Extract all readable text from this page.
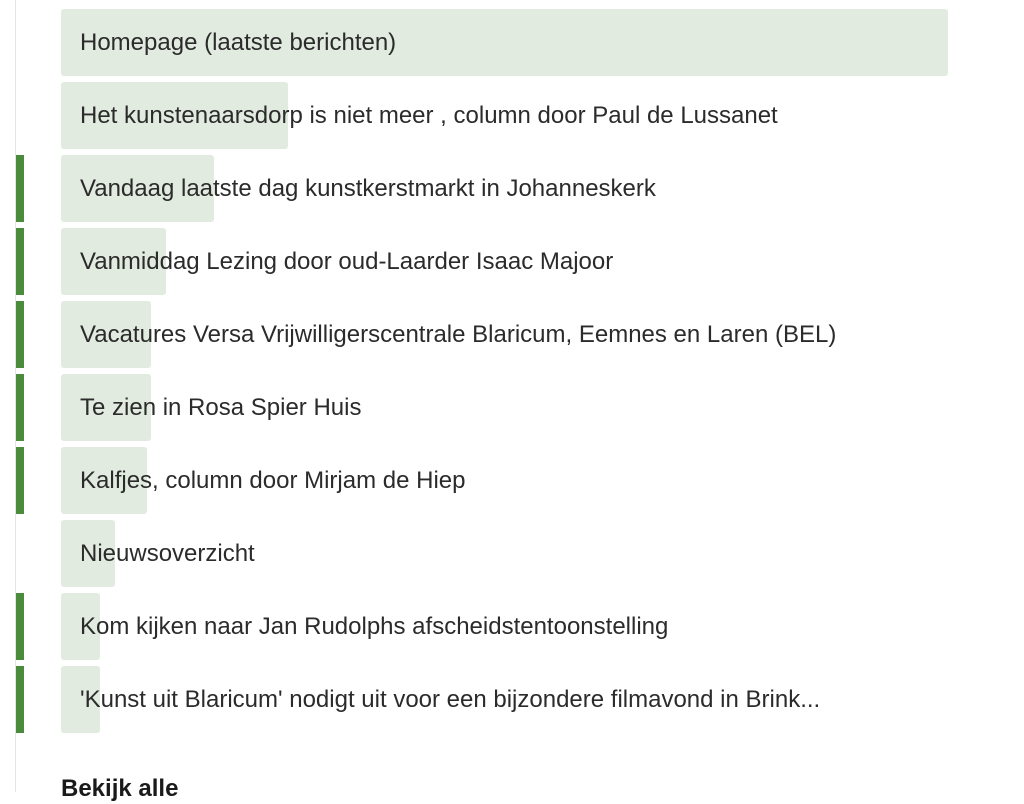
Homepage (laatste berichten)
Het kunstenaarsdorp is niet meer , column door Paul de Lussanet
Vandaag laatste dag kunstkerstmarkt in Johanneskerk
Vanmiddag Lezing door oud-Laarder Isaac Majoor
Vacatures Versa Vrijwilligerscentrale Blaricum, Eemnes en Laren (BEL)
Te zien in Rosa Spier Huis
Kalfjes, column door Mirjam de Hiep
Nieuwsoverzicht
Kom kijken naar Jan Rudolphs afscheidstentoonstelling
'Kunst uit Blaricum' nodigt uit voor een bijzondere filmavond in Brink...
Bekijk alle
